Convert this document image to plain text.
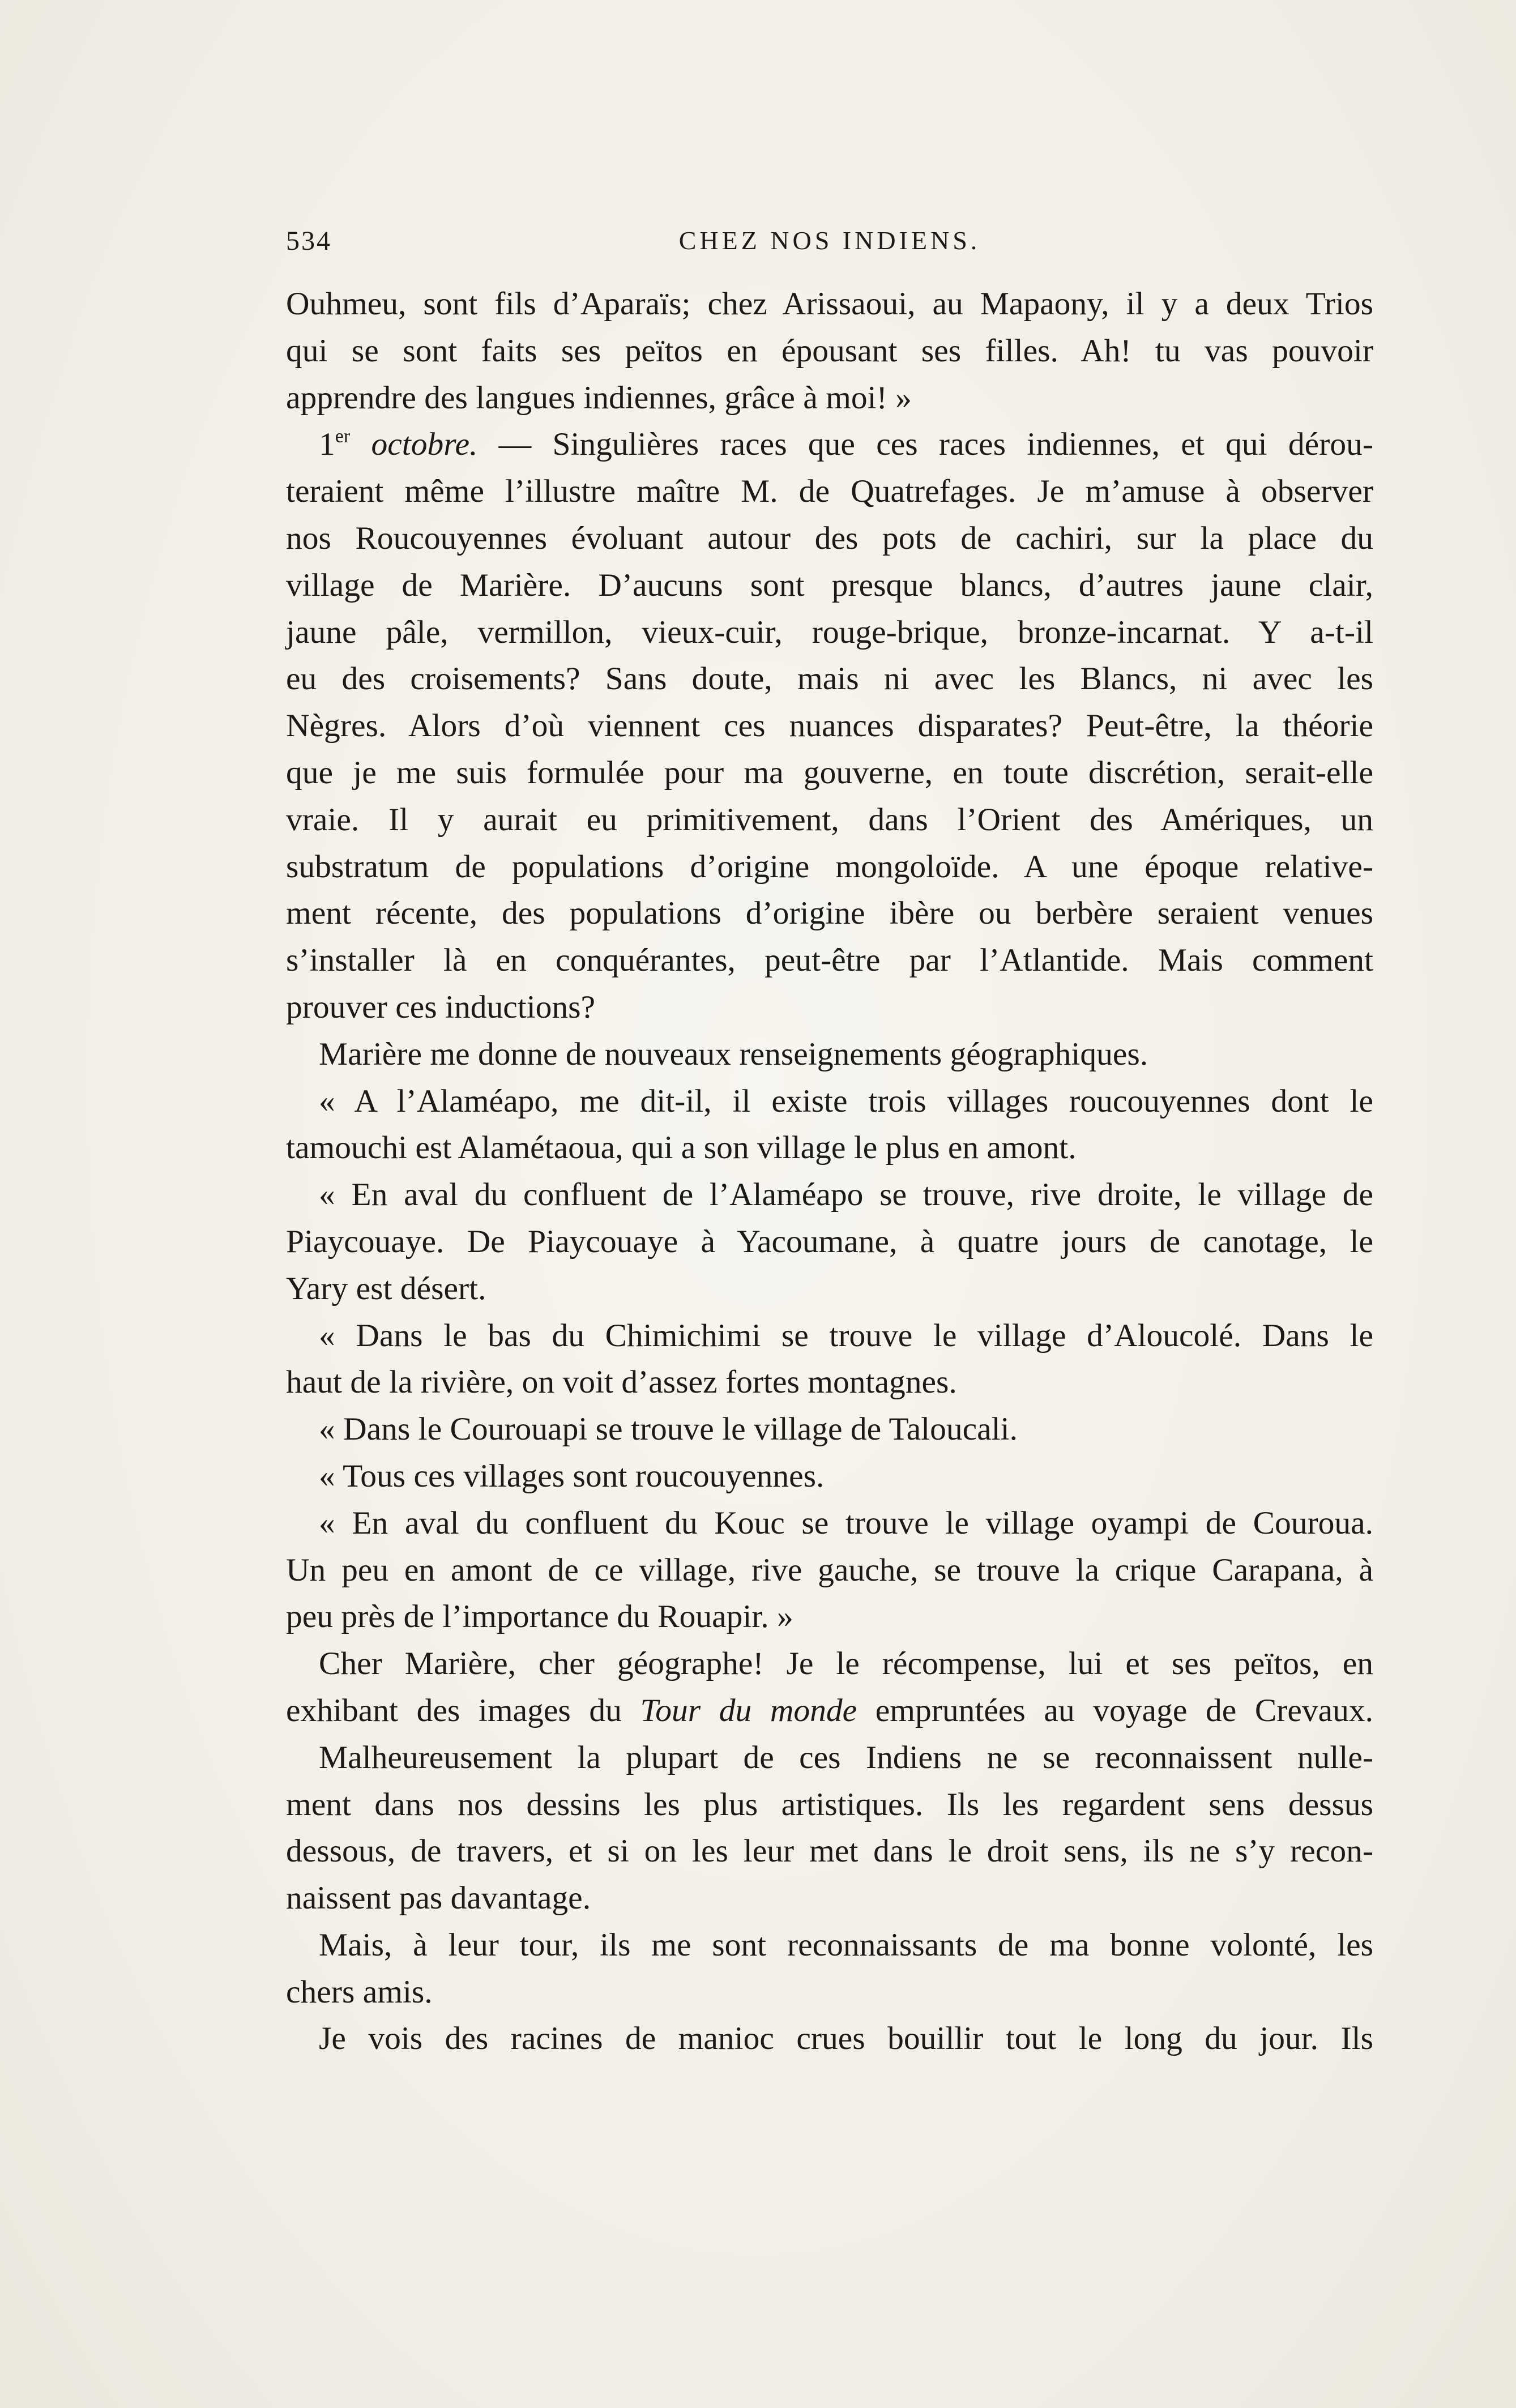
534	CHEZ NOS INDIENS.
Ouhmeu, sont fils d’Aparaïs; chez Arissaoui, au Mapaony, il y a deux Trios
qui se sont faits ses peïtos en épousant ses filles. Ah! tu vas pouvoir
apprendre des langues indiennes, grâce à moi! »
1er octobre. — Singulières races que ces races indiennes, et qui dérou-
teraient même l’illustre maître M. de Quatrefages. Je m’amuse à observer
nos Roucouyennes évoluant autour des pots de cachiri, sur la place du
village de Marière. D’aucuns sont presque blancs, d’autres jaune clair,
jaune pâle, vermillon, vieux-cuir, rouge-brique, bronze-incarnat. Y a-t-il
eu des croisements? Sans doute, mais ni avec les Blancs, ni avec les
Nègres. Alors d’où viennent ces nuances disparates? Peut-être, la théorie
que je me suis formulée pour ma gouverne, en toute discrétion, serait-elle
vraie. Il y aurait eu primitivement, dans l’Orient des Amériques, un
substratum de populations d’origine mongoloïde. A une époque relative-
ment récente, des populations d’origine ibère ou berbère seraient venues
s’installer là en conquérantes, peut-être par l’Atlantide. Mais comment
prouver ces inductions?
Marière me donne de nouveaux renseignements géographiques.
« A l’Alaméapo, me dit-il, il existe trois villages roucouyennes dont le
tamouchi est Alamétaoua, qui a son village le plus en amont.
« En aval du confluent de l’Alaméapo se trouve, rive droite, le village de
Piaycouaye. De Piaycouaye à Yacoumane, à quatre jours de canotage, le
Yary est désert.
« Dans le bas du Chimichimi se trouve le village d’Aloucolé. Dans le
haut de la rivière, on voit d’assez fortes montagnes.
« Dans le Courouapi se trouve le village de Taloucali.
« Tous ces villages sont roucouyennes.
« En aval du confluent du Kouc se trouve le village oyampi de Couroua.
Un peu en amont de ce village, rive gauche, se trouve la crique Carapana, à
peu près de l’importance du Rouapir. »
Cher Marière, cher géographe! Je le récompense, lui et ses peïtos, en
exhibant des images du Tour du monde empruntées au voyage de Crevaux.
Malheureusement la plupart de ces Indiens ne se reconnaissent nulle-
ment dans nos dessins les plus artistiques. Ils les regardent sens dessus
dessous, de travers, et si on les leur met dans le droit sens, ils ne s’y recon-
naissent pas davantage.
Mais, à leur tour, ils me sont reconnaissants de ma bonne volonté, les
chers amis.
Je vois des racines de manioc crues bouillir tout le long du jour. Ils
